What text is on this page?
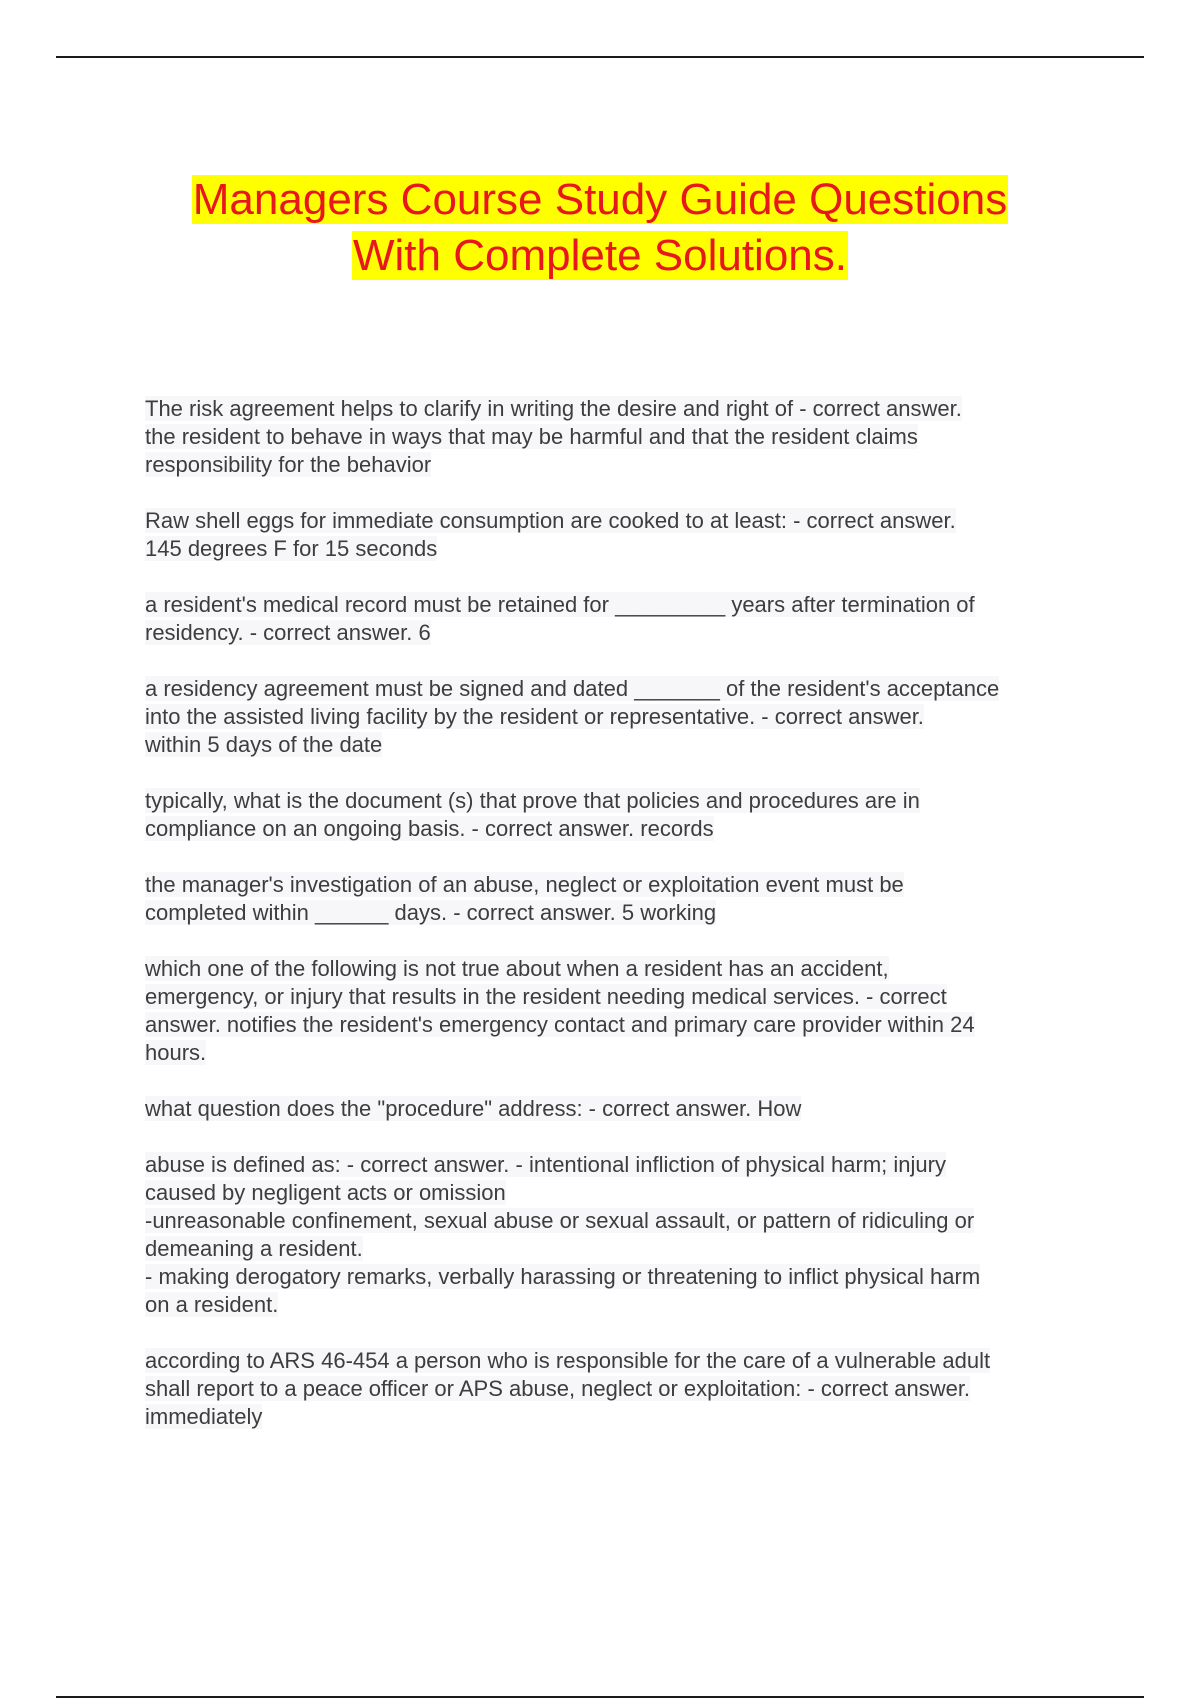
Managers Course Study Guide Questions
With Complete Solutions.
The risk agreement helps to clarify in writing the desire and right of - correct answer.
the resident to behave in ways that may be harmful and that the resident claims
responsibility for the behavior
Raw shell eggs for immediate consumption are cooked to at least: - correct answer.
145 degrees F for 15 seconds
a resident's medical record must be retained for _________ years after termination of
residency. - correct answer. 6
a residency agreement must be signed and dated _______ of the resident's acceptance
into the assisted living facility by the resident or representative. - correct answer.
within 5 days of the date
typically, what is the document (s) that prove that policies and procedures are in
compliance on an ongoing basis. - correct answer. records
the manager's investigation of an abuse, neglect or exploitation event must be
completed within ______ days. - correct answer. 5 working
which one of the following is not true about when a resident has an accident,
emergency, or injury that results in the resident needing medical services. - correct
answer. notifies the resident's emergency contact and primary care provider within 24
hours.
what question does the "procedure" address: - correct answer. How
abuse is defined as: - correct answer. - intentional infliction of physical harm; injury
caused by negligent acts or omission
-unreasonable confinement, sexual abuse or sexual assault, or pattern of ridiculing or
demeaning a resident.
- making derogatory remarks, verbally harassing or threatening to inflict physical harm
on a resident.
according to ARS 46-454 a person who is responsible for the care of a vulnerable adult
shall report to a peace officer or APS abuse, neglect or exploitation: - correct answer.
immediately
